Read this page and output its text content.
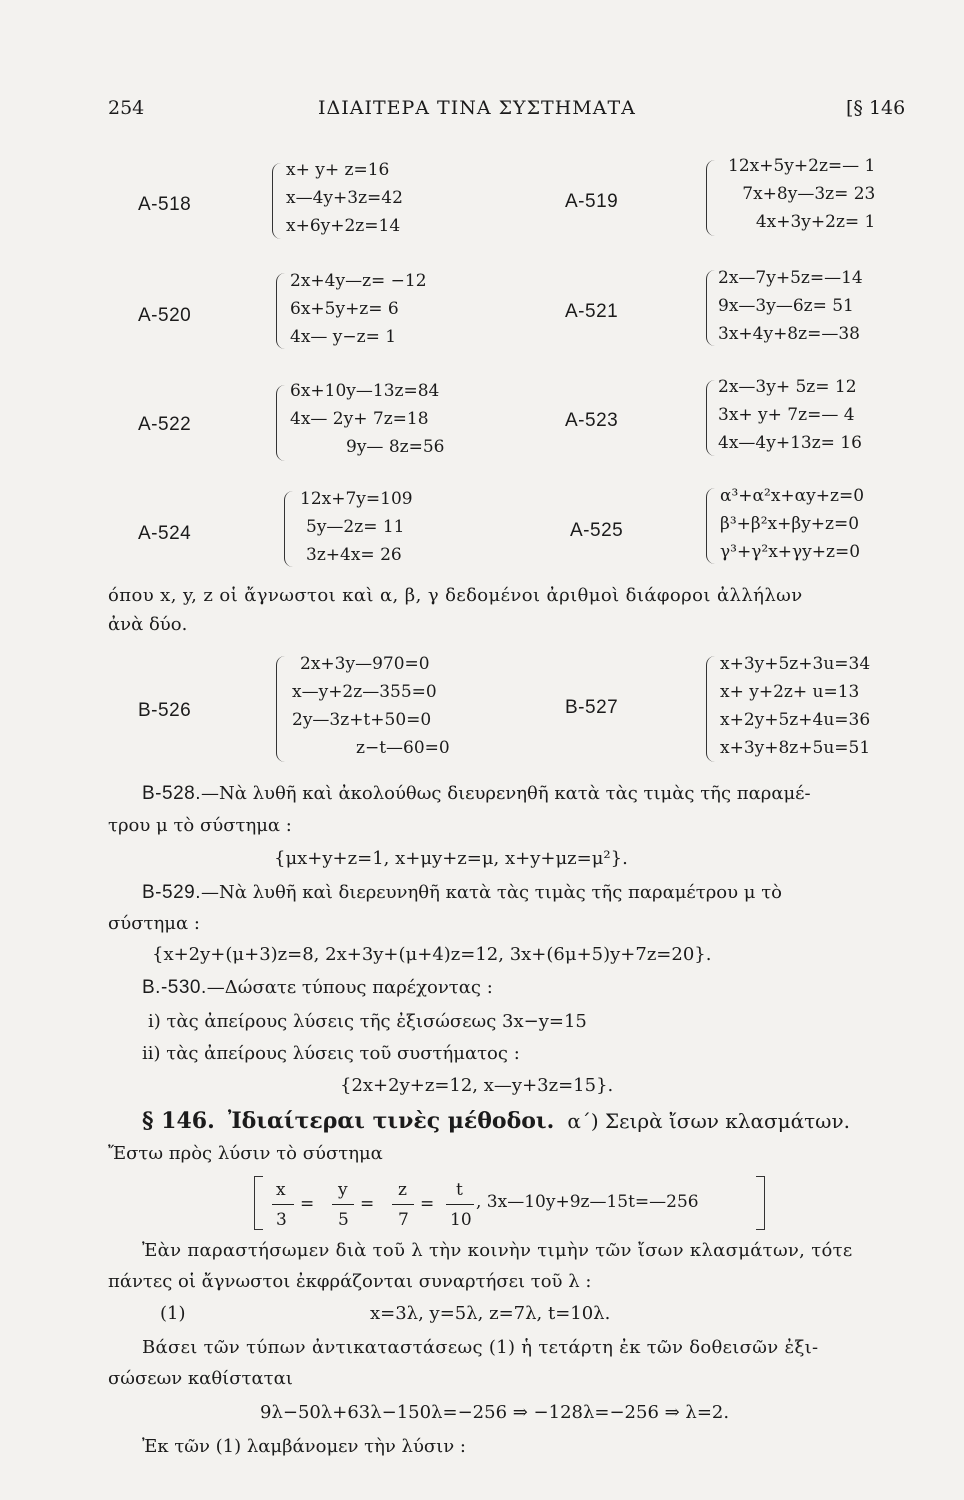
254	ΙΔΙΑΙΤΕΡΑ ΤΙΝΑ ΣΥΣΤΗΜΑΤΑ	[§ 146
A-518
x+ y+ z=16
x—4y+3z=42
x+6y+2z=14
A-519
12x+5y+2z=— 1
7x+8y—3z= 23
4x+3y+2z= 1
A-520
2x+4y—z= −12
6x+5y+z= 6
4x— y−z= 1
A-521
2x—7y+5z=—14
9x—3y—6z= 51
3x+4y+8z=—38
A-522
6x+10y—13z=84
4x— 2y+ 7z=18
9y— 8z=56
A-523
2x—3y+ 5z= 12
3x+ y+ 7z=— 4
4x—4y+13z= 16
A-524
12x+7y=109
5y—2z= 11
3z+4x= 26
A-525
α³+α²x+αy+z=0
β³+β²x+βy+z=0
γ³+γ²x+γy+z=0
όπου x, y, z οἱ ἄγνωστοι καὶ α, β, γ δεδομένοι ἀριθμοὶ διάφοροι ἀλλήλων
ἀνὰ δύο.
B-526
2x+3y—970=0
x—y+2z—355=0
2y—3z+t+50=0
z−t—60=0
B-527
x+3y+5z+3u=34
x+ y+2z+ u=13
x+2y+5z+4u=36
x+3y+8z+5u=51
B-528.—Νὰ λυθῆ καὶ ἀκολούθως διευρενηθῆ κατὰ τὰς τιμὰς τῆς παραμέ-
τρου μ τὸ σύστημα :
{μx+y+z=1, x+μy+z=μ, x+y+μz=μ²}.
B-529.—Νὰ λυθῆ καὶ διερευνηθῆ κατὰ τὰς τιμὰς τῆς παραμέτρου μ τὸ
σύστημα :
{x+2y+(μ+3)z=8, 2x+3y+(μ+4)z=12, 3x+(6μ+5)y+7z=20}.
B.-530.—Δώσατε τύπους παρέχοντας :
i) τὰς ἀπείρους λύσεις τῆς ἐξισώσεως 3x−y=15
ii) τὰς ἀπείρους λύσεις τοῦ συστήματος :
{2x+2y+z=12, x—y+3z=15}.
§ 146. Ἰδιαίτεραι τινὲς μέθοδοι. α΄) Σειρὰ ἴσων κλασμάτων.
Ἔστω πρὸς λύσιν τὸ σύστημα
x
3
=
y
5
=
z
7
=
t
10
, 3x—10y+9z—15t=—256
Ἐὰν παραστήσωμεν διὰ τοῦ λ τὴν κοινὴν τιμὴν τῶν ἴσων κλασμάτων, τότε
πάντες οἱ ἄγνωστοι ἐκφράζονται συναρτήσει τοῦ λ :
(1)	x=3λ, y=5λ, z=7λ, t=10λ.
Βάσει τῶν τύπων ἀντικαταστάσεως (1) ἡ τετάρτη ἐκ τῶν δοθεισῶν ἐξι-
σώσεων καθίσταται
9λ−50λ+63λ−150λ=−256 ⇒ −128λ=−256 ⇒ λ=2.
Ἐκ τῶν (1) λαμβάνομεν τὴν λύσιν :
